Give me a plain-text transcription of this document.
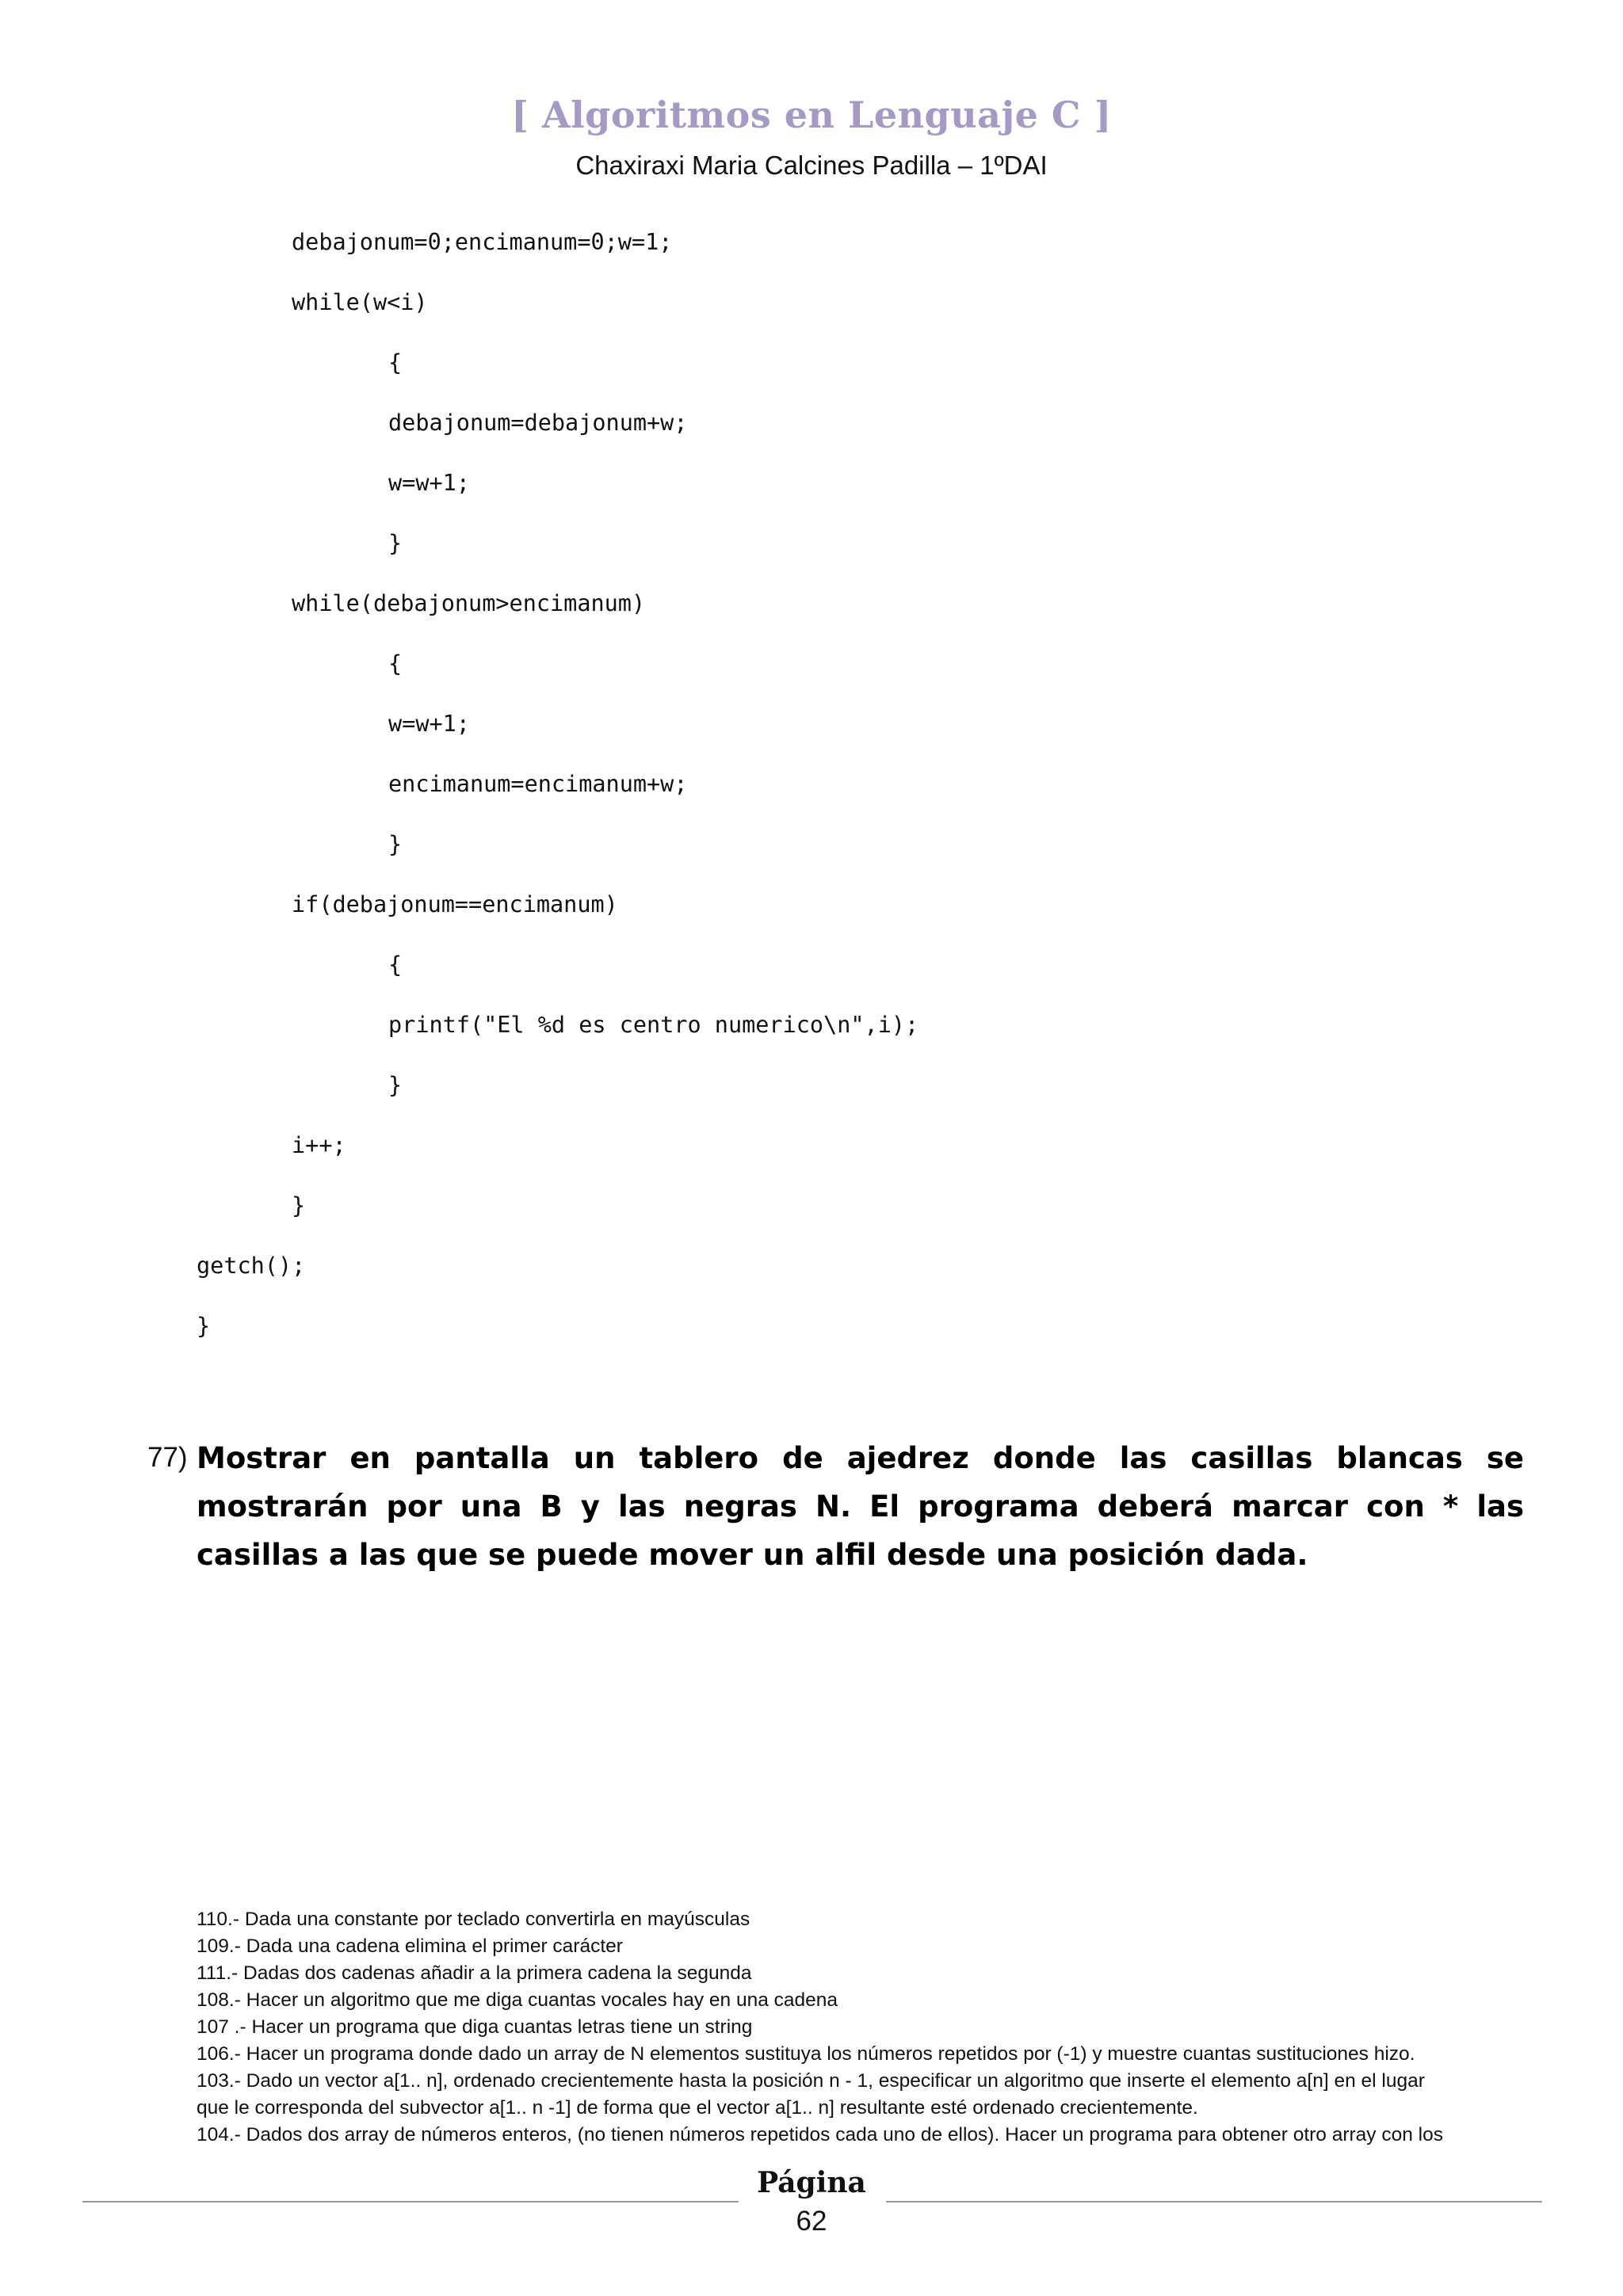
[ Algoritmos en Lenguaje C ]
Chaxiraxi Maria Calcines Padilla – 1ºDAI
debajonum=0;encimanum=0;w=1;
while(w<i)
{
debajonum=debajonum+w;
w=w+1;
}
while(debajonum>encimanum)
{
w=w+1;
encimanum=encimanum+w;
}
if(debajonum==encimanum)
{
printf("El %d es centro numerico\n",i);
}
i++;
}
getch();
}
77) Mostrar en pantalla un tablero de ajedrez donde las casillas blancas se mostrarán por una B y las negras N. El programa deberá marcar con * las casillas a las que se puede mover un alfil desde una posición dada.
110.- Dada una constante por teclado convertirla en mayúsculas
109.- Dada una cadena elimina el primer carácter
111.- Dadas dos cadenas añadir a la primera cadena la segunda
108.- Hacer un algoritmo que me diga cuantas vocales hay en una cadena
107 .- Hacer un programa que diga cuantas letras tiene un string
106.- Hacer un programa donde dado un array de N elementos sustituya los números repetidos por (-1) y muestre cuantas sustituciones hizo.
103.- Dado un vector a[1.. n], ordenado crecientemente hasta la posición n - 1, especificar un algoritmo que inserte el elemento a[n] en el lugar
que le corresponda del subvector a[1.. n -1] de forma que el vector a[1.. n] resultante esté ordenado crecientemente.
104.- Dados dos array de números enteros, (no tienen números repetidos cada uno de ellos). Hacer un programa para obtener otro array con los
Página
62
